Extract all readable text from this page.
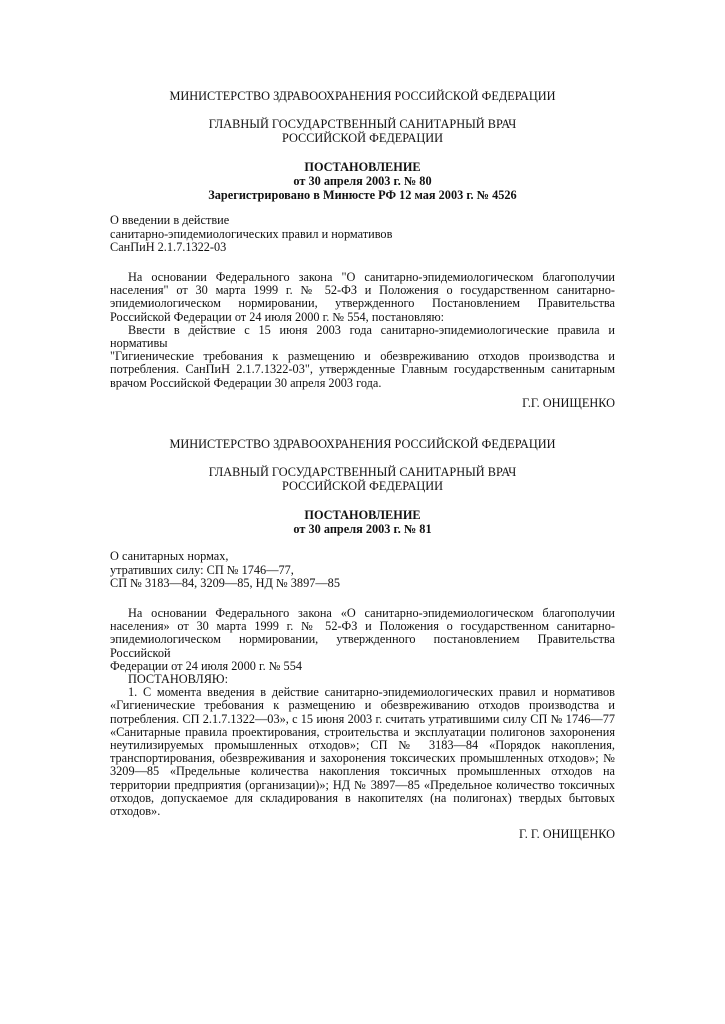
МИНИСТЕРСТВО ЗДРАВООХРАНЕНИЯ РОССИЙСКОЙ ФЕДЕРАЦИИ

ГЛАВНЫЙ ГОСУДАРСТВЕННЫЙ САНИТАРНЫЙ ВРАЧ

РОССИЙСКОЙ ФЕДЕРАЦИИ

ПОСТАНОВЛЕНИЕ

от 30 апреля 2003 г. № 80

Зарегистрировано в Минюсте РФ 12 мая 2003 г. № 4526

О введении в действие

санитарно-эпидемиологических правил и нормативов

СанПиН 2.1.7.1322-03

На основании Федерального закона "О санитарно-эпидемиологическом благополучии

населения" от 30 марта 1999 г. № 52-ФЗ и Положения о государственном санитарно-

эпидемиологическом нормировании, утвержденного Постановлением Правительства

Российской Федерации от 24 июля 2000 г. № 554, постановляю:

Ввести в действие с 15 июня 2003 года санитарно-эпидемиологические правила и нормативы

"Гигиенические требования к размещению и обезвреживанию отходов производства и

потребления. СанПиН 2.1.7.1322-03", утвержденные Главным государственным санитарным

врачом Российской Федерации 30 апреля 2003 года.

Г.Г. ОНИЩЕНКО

МИНИСТЕРСТВО ЗДРАВООХРАНЕНИЯ РОССИЙСКОЙ ФЕДЕРАЦИИ

ГЛАВНЫЙ ГОСУДАРСТВЕННЫЙ САНИТАРНЫЙ ВРАЧ

РОССИЙСКОЙ ФЕДЕРАЦИИ

ПОСТАНОВЛЕНИЕ

от 30 апреля 2003 г. № 81

О санитарных нормах,

утративших силу: СП № 1746—77,

СП № 3183—84, 3209—85, НД № 3897—85

На основании Федерального закона «О санитарно-эпидемиологическом благополучии

населения» от 30 марта 1999 г. № 52-ФЗ и Положения о государственном санитарно-

эпидемиологическом нормировании, утвержденного постановлением Правительства Российской

Федерации от 24 июля 2000 г. № 554

ПОСТАНОВЛЯЮ:

1. С момента введения в действие санитарно-эпидемиологических правил и нормативов

«Гигиенические требования к размещению и обезвреживанию отходов производства и

потребления. СП 2.1.7.1322—03», с 15 июня 2003 г. считать утратившими силу СП № 1746—77

«Санитарные правила проектирования, строительства и эксплуатации полигонов захоронения

неутилизируемых промышленных отходов»; СП № 3183—84 «Порядок накопления,

транспортирования, обезвреживания и захоронения токсических промышленных отходов»; №

3209—85 «Предельные количества накопления токсичных промышленных отходов на

территории предприятия (организации)»; НД № 3897—85 «Предельное количество токсичных

отходов, допускаемое для складирования в накопителях (на полигонах) твердых бытовых

отходов».

Г. Г. ОНИЩЕНКО
